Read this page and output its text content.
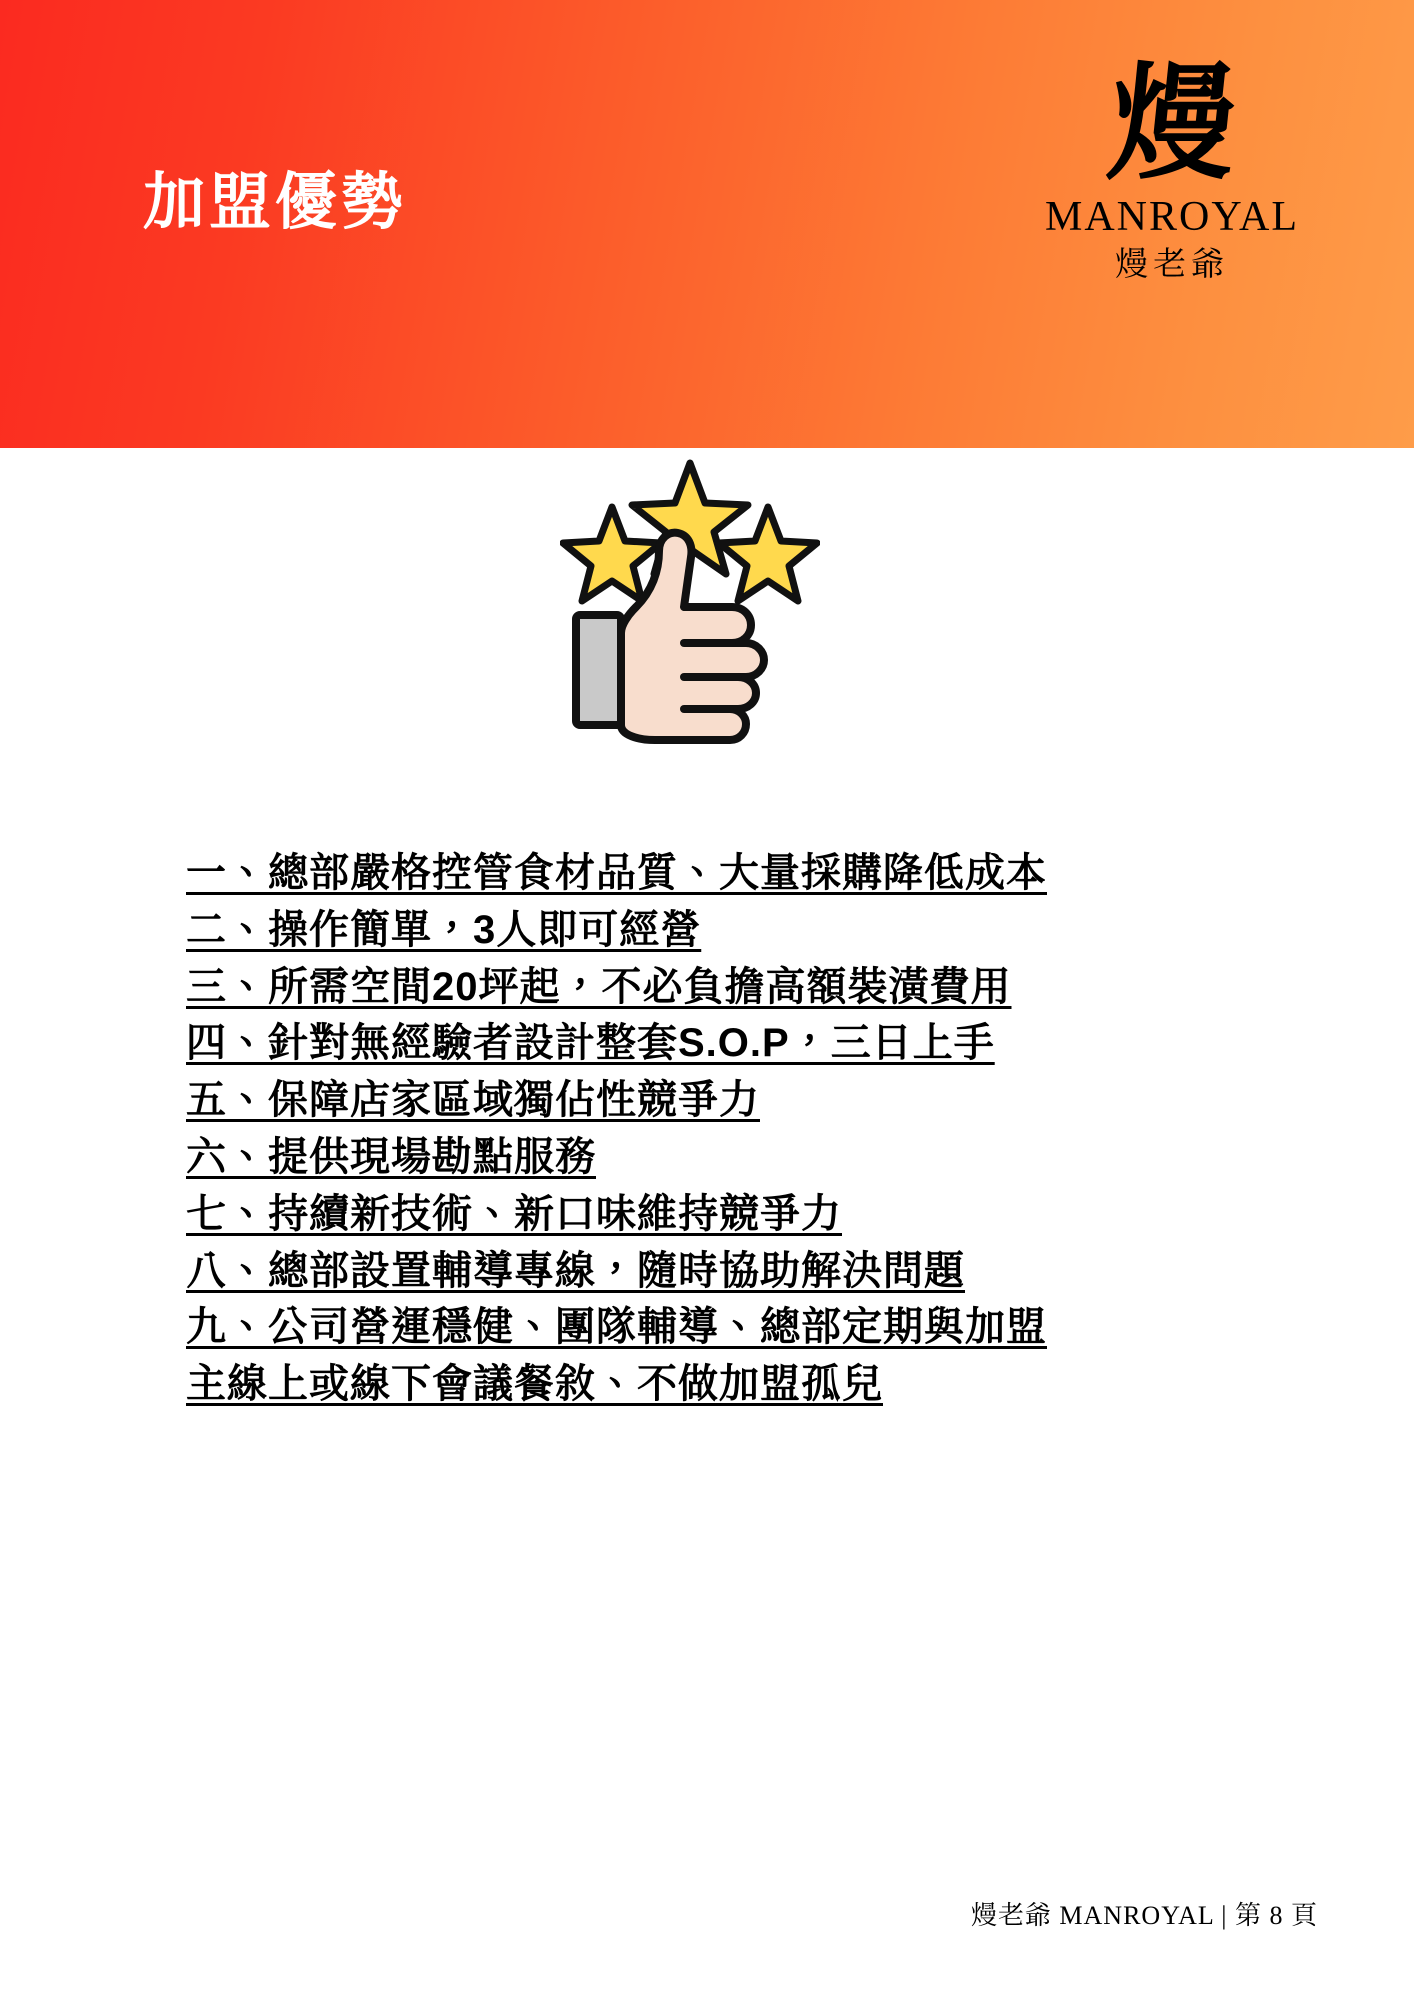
加盟優勢
熳
MANROYAL
熳老爺
一、總部嚴格控管食材品質、大量採購降低成本
二、操作簡單，3人即可經營
三、所需空間20坪起，不必負擔高額裝潢費用
四、針對無經驗者設計整套S.O.P，三日上手
五、保障店家區域獨佔性競爭力
六、提供現場勘點服務
七、持續新技術、新口味維持競爭力
八、總部設置輔導專線，隨時協助解決問題
九、公司營運穩健、團隊輔導、總部定期與加盟
主線上或線下會議餐敘、不做加盟孤兒
熳老爺 MANROYAL | 第 8 頁
